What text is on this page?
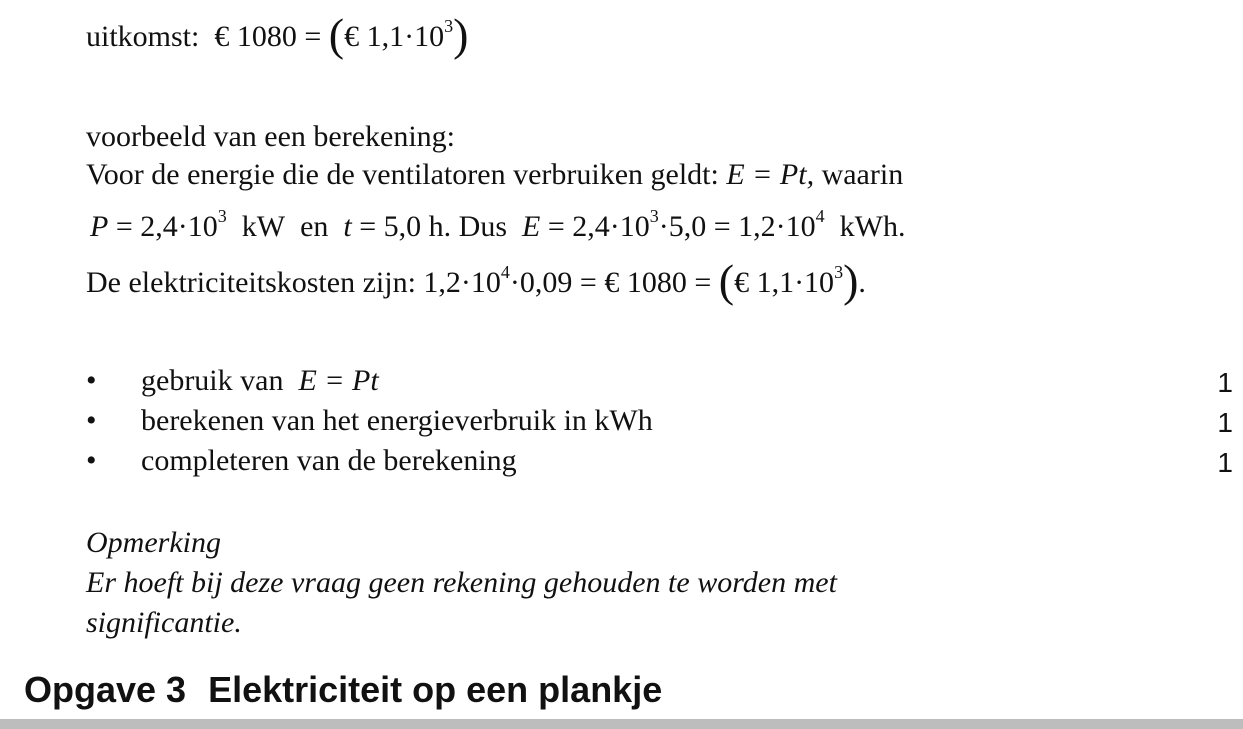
uitkomst: € 1080 = (€ $1,1\cdot 10^3$)
voorbeeld van een berekening:
Voor de energie die de ventilatoren verbruiken geldt: E = Pt, waarin
$P = 2,4\cdot 10^3$  kW  en  t = 5,0 h. Dus  $E = 2,4\cdot 10^3\cdot 5,0 = 1,2\cdot 10^4$  kWh.
De elektriciteitskosten zijn: $1,2\cdot 10^4\cdot 0,09$ = € 1080 = (€ $1,1\cdot 10^3$).
• gebruik van E = Pt	1
• berekenen van het energieverbruik in kWh	1
• completeren van de berekening	1
Opmerking
Er hoeft bij deze vraag geen rekening gehouden te worden met
significantie.
Opgave 3 Elektriciteit op een plankje
